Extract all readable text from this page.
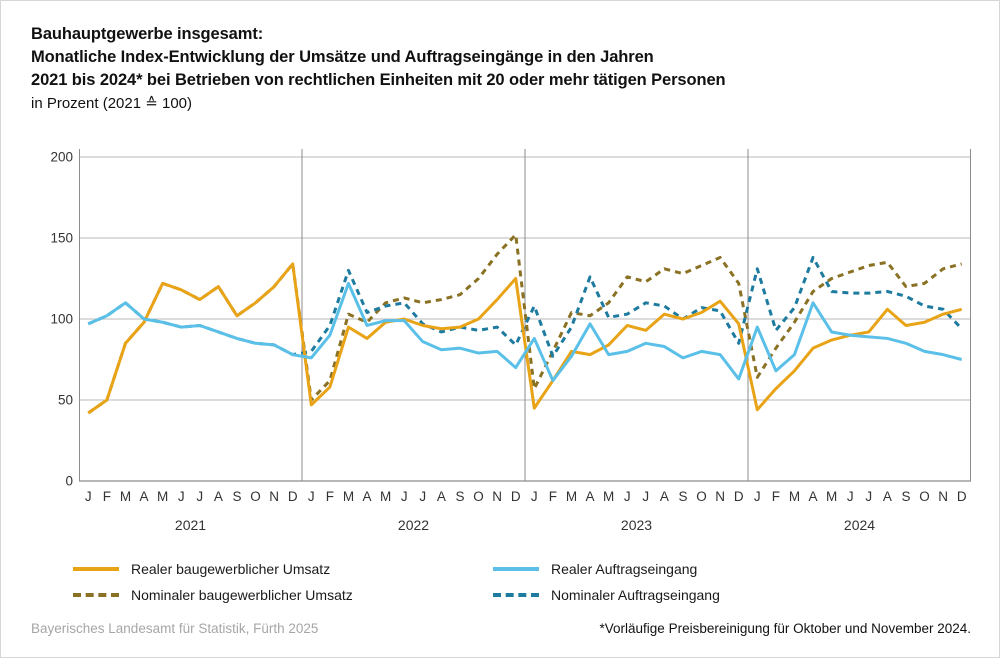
Bauhauptgewerbe insgesamt:
Monatliche Index-Entwicklung der Umsätze und Auftragseingänge in den Jahren
2021 bis 2024* bei Betrieben von rechtlichen Einheiten mit 20 oder mehr tätigen Personen
in Prozent (2021 ≙ 100)
0
50
100
150
200
J F M A M J J A S O N D J F M A M J J A S O N D J F M A M J J A S O N D J F M A M J J A S O N D
2021	2022	2023	2024
Realer baugewerblicher Umsatz	Realer Auftragseingang
Nominaler baugewerblicher Umsatz	Nominaler Auftragseingang
Bayerisches Landesamt für Statistik, Fürth 2025	*Vorläufige Preisbereinigung für Oktober und November 2024.
